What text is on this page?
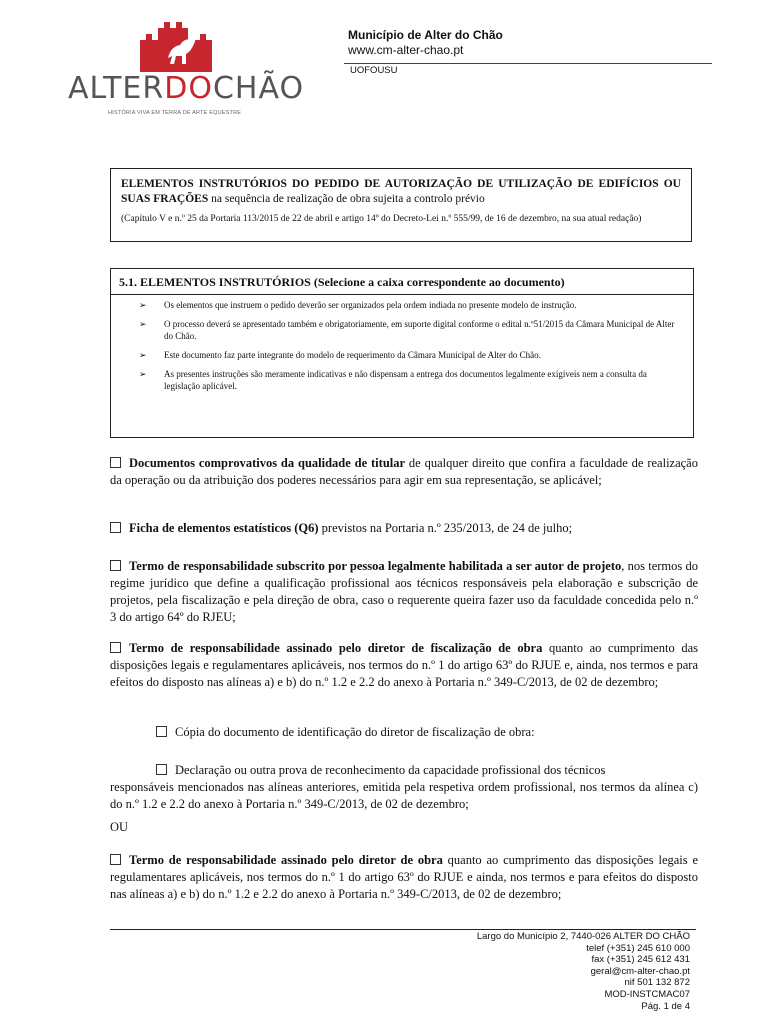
ALTERDOCHÃO
HISTÓRIA VIVA EM TERRA DE ARTE EQUESTRE
Município de Alter do Chão
www.cm-alter-chao.pt
UOFOUSU
ELEMENTOS INSTRUTÓRIOS DO PEDIDO DE AUTORIZAÇÃO DE UTILIZAÇÃO DE EDIFÍCIOS OU SUAS FRAÇÕES na sequência de realização de obra sujeita a controlo prévio
(Capítulo V e n.º 25 da Portaria 113/2015 de 22 de abril e artigo 14º do Decreto-Lei n.º 555/99, de 16 de dezembro, na sua atual redação)
5.1. ELEMENTOS INSTRUTÓRIOS (Selecione a caixa correspondente ao documento)
➢ Os elementos que instruem o pedido deverão ser organizados pela ordem indiada no presente modelo de instrução.
➢ O processo deverá se apresentado também e obrigatoriamente, em suporte digital conforme o edital n.º51/2015 da Câmara Municipal de Alter do Chão.
➢ Este documento faz parte integrante do modelo de requerimento da Câmara Municipal de Alter do Chão.
➢ As presentes instruções são meramente indicativas e não dispensam a entrega dos documentos legalmente exigíveis nem a consulta da legislação aplicável.
Documentos comprovativos da qualidade de titular de qualquer direito que confira a faculdade de realização da operação ou da atribuição dos poderes necessários para agir em sua representação, se aplicável;
Ficha de elementos estatísticos (Q6) previstos na Portaria n.º 235/2013, de 24 de julho;
Termo de responsabilidade subscrito por pessoa legalmente habilitada a ser autor de projeto, nos termos do regime jurídico que define a qualificação profissional aos técnicos responsáveis pela elaboração e subscrição de projetos, pela fiscalização e pela direção de obra, caso o requerente queira fazer uso da faculdade concedida pelo n.º 3 do artigo 64º do RJEU;
Termo de responsabilidade assinado pelo diretor de fiscalização de obra quanto ao cumprimento das disposições legais e regulamentares aplicáveis, nos termos do n.º 1 do artigo 63º do RJUE e, ainda, nos termos e para efeitos do disposto nas alíneas a) e b) do n.º 1.2 e 2.2 do anexo à Portaria n.º 349-C/2013, de 02 de dezembro;
Cópia do documento de identificação do diretor de fiscalização de obra:
Declaração ou outra prova de reconhecimento da capacidade profissional dos técnicos
responsáveis mencionados nas alíneas anteriores, emitida pela respetiva ordem profissional, nos termos da alínea c) do n.º 1.2 e 2.2 do anexo à Portaria n.º 349-C/2013, de 02 de dezembro;
OU
Termo de responsabilidade assinado pelo diretor de obra quanto ao cumprimento das disposições legais e regulamentares aplicáveis, nos termos do n.º 1 do artigo 63º do RJUE e ainda, nos termos e para efeitos do disposto nas alíneas a) e b) do n.º 1.2 e 2.2 do anexo à Portaria n.º 349-C/2013, de 02 de dezembro;
Largo do Município 2, 7440-026 ALTER DO CHÃO
telef (+351) 245 610 000
fax (+351) 245 612 431
geral@cm-alter-chao.pt
nif 501 132 872
MOD-INSTCMAC07
Pág. 1 de 4
